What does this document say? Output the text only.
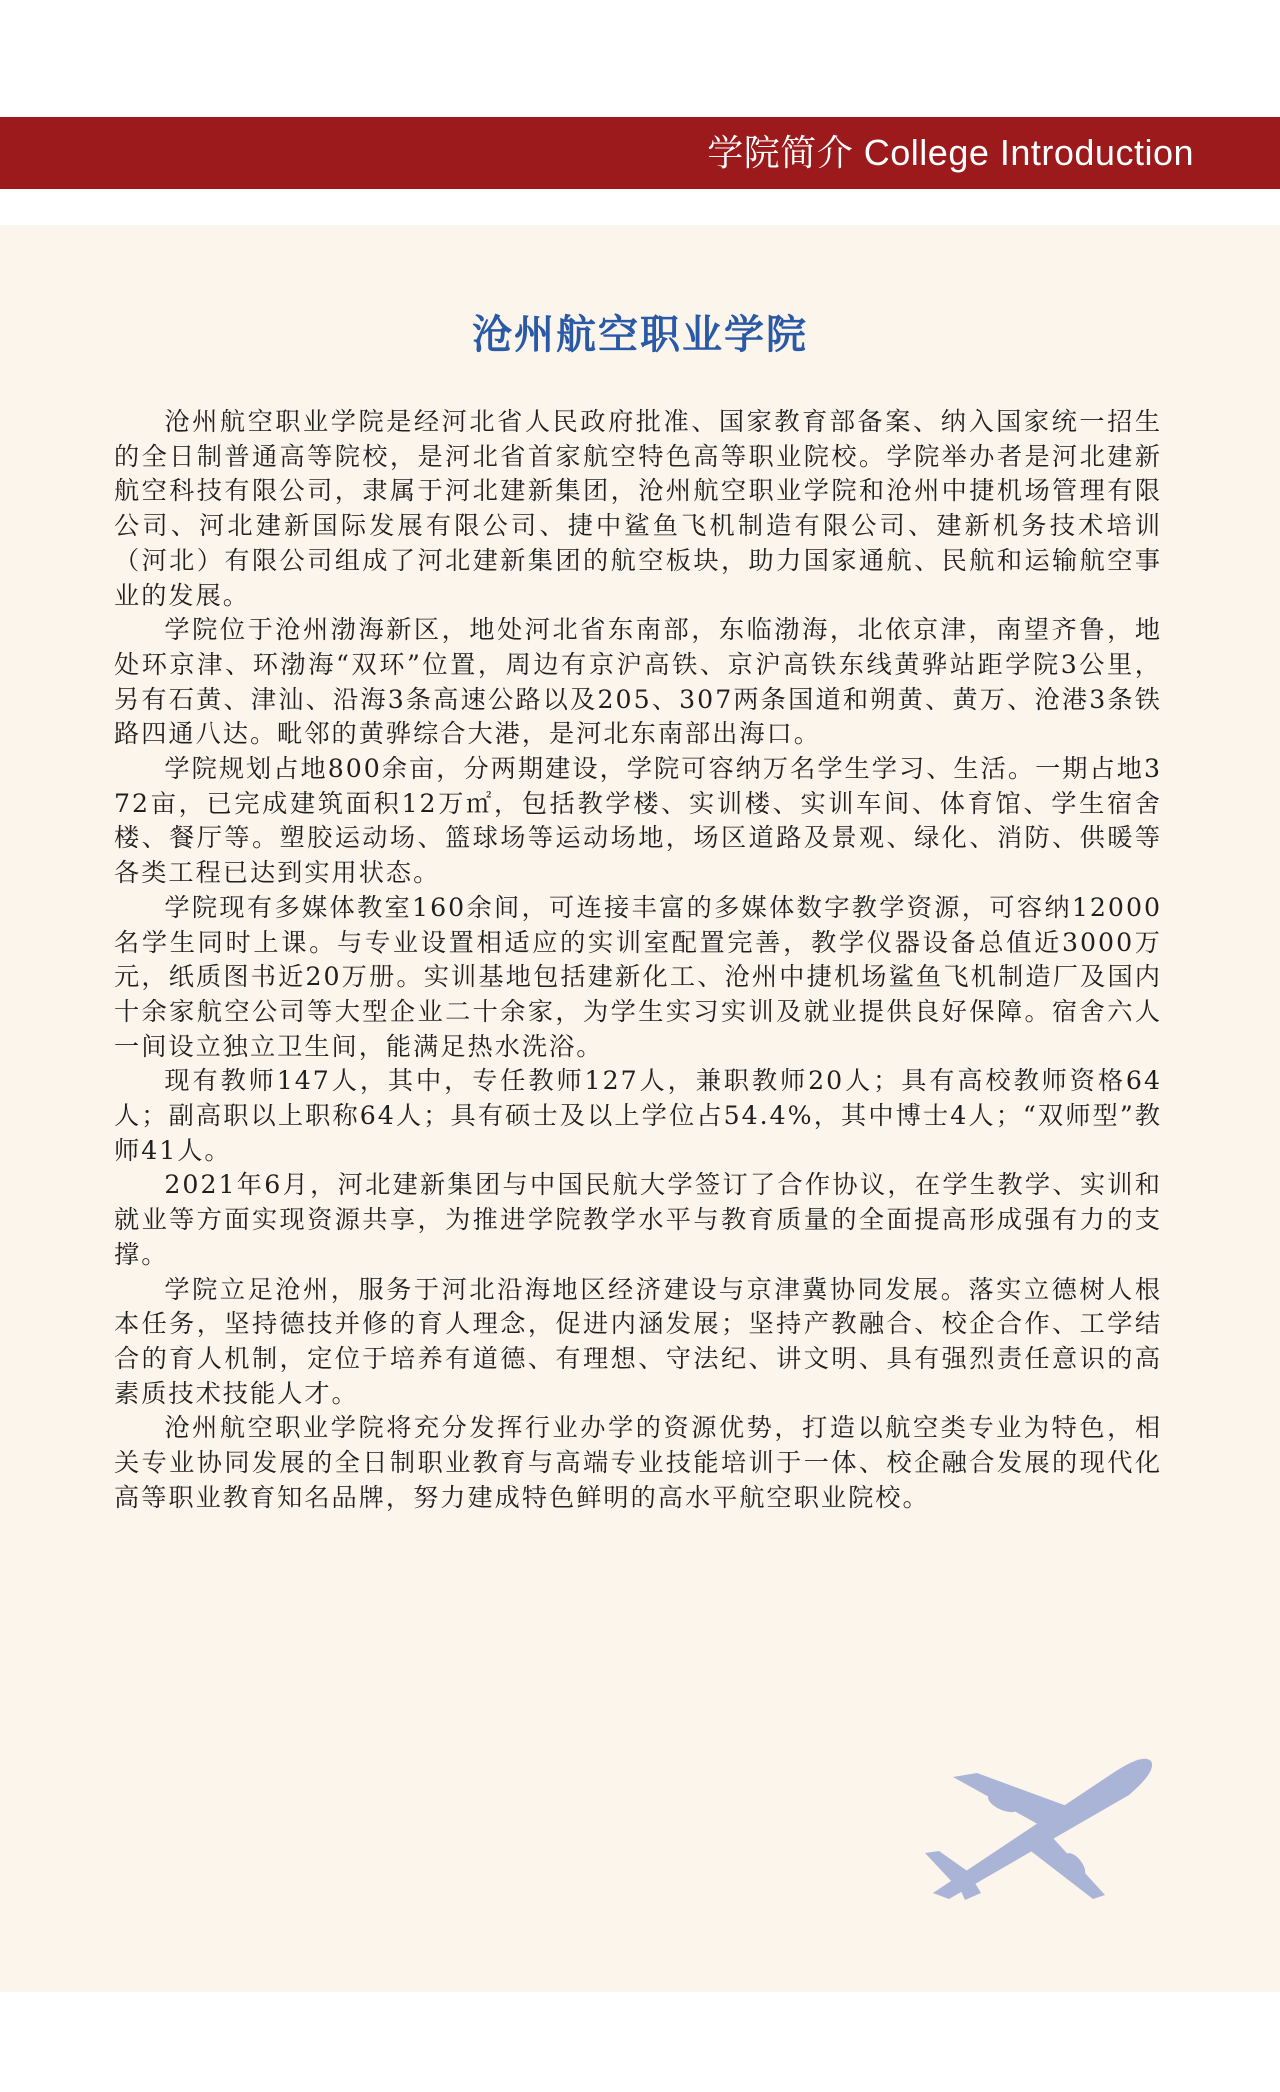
学院简介 College Introduction
沧州航空职业学院

沧州航空职业学院是经河北省人民政府批准、国家教育部备案、纳入国家统一招生的全日制普通高等院校，是河北省首家航空特色高等职业院校。学院举办者是河北建新航空科技有限公司，隶属于河北建新集团，沧州航空职业学院和沧州中捷机场管理有限公司、河北建新国际发展有限公司、捷中鲨鱼飞机制造有限公司、建新机务技术培训（河北）有限公司组成了河北建新集团的航空板块，助力国家通航、民航和运输航空事业的发展。

学院位于沧州渤海新区，地处河北省东南部，东临渤海，北依京津，南望齐鲁，地处环京津、环渤海“双环”位置，周边有京沪高铁、京沪高铁东线黄骅站距学院3公里，另有石黄、津汕、沿海3条高速公路以及205、307两条国道和朔黄、黄万、沧港3条铁路四通八达。毗邻的黄骅综合大港，是河北东南部出海口。

学院规划占地800余亩，分两期建设，学院可容纳万名学生学习、生活。一期占地372亩，已完成建筑面积12万㎡，包括教学楼、实训楼、实训车间、体育馆、学生宿舍楼、餐厅等。塑胶运动场、篮球场等运动场地，场区道路及景观、绿化、消防、供暖等各类工程已达到实用状态。

学院现有多媒体教室160余间，可连接丰富的多媒体数字教学资源，可容纳12000名学生同时上课。与专业设置相适应的实训室配置完善，教学仪器设备总值近3000万元，纸质图书近20万册。实训基地包括建新化工、沧州中捷机场鲨鱼飞机制造厂及国内十余家航空公司等大型企业二十余家，为学生实习实训及就业提供良好保障。宿舍六人一间设立独立卫生间，能满足热水洗浴。

现有教师147人，其中，专任教师127人，兼职教师20人；具有高校教师资格64人；副高职以上职称64人；具有硕士及以上学位占54.4%，其中博士4人；“双师型”教师41人。

2021年6月，河北建新集团与中国民航大学签订了合作协议，在学生教学、实训和就业等方面实现资源共享，为推进学院教学水平与教育质量的全面提高形成强有力的支撑。

学院立足沧州，服务于河北沿海地区经济建设与京津冀协同发展。落实立德树人根本任务，坚持德技并修的育人理念，促进内涵发展；坚持产教融合、校企合作、工学结合的育人机制，定位于培养有道德、有理想、守法纪、讲文明、具有强烈责任意识的高素质技术技能人才。

沧州航空职业学院将充分发挥行业办学的资源优势，打造以航空类专业为特色，相关专业协同发展的全日制职业教育与高端专业技能培训于一体、校企融合发展的现代化高等职业教育知名品牌，努力建成特色鲜明的高水平航空职业院校。
